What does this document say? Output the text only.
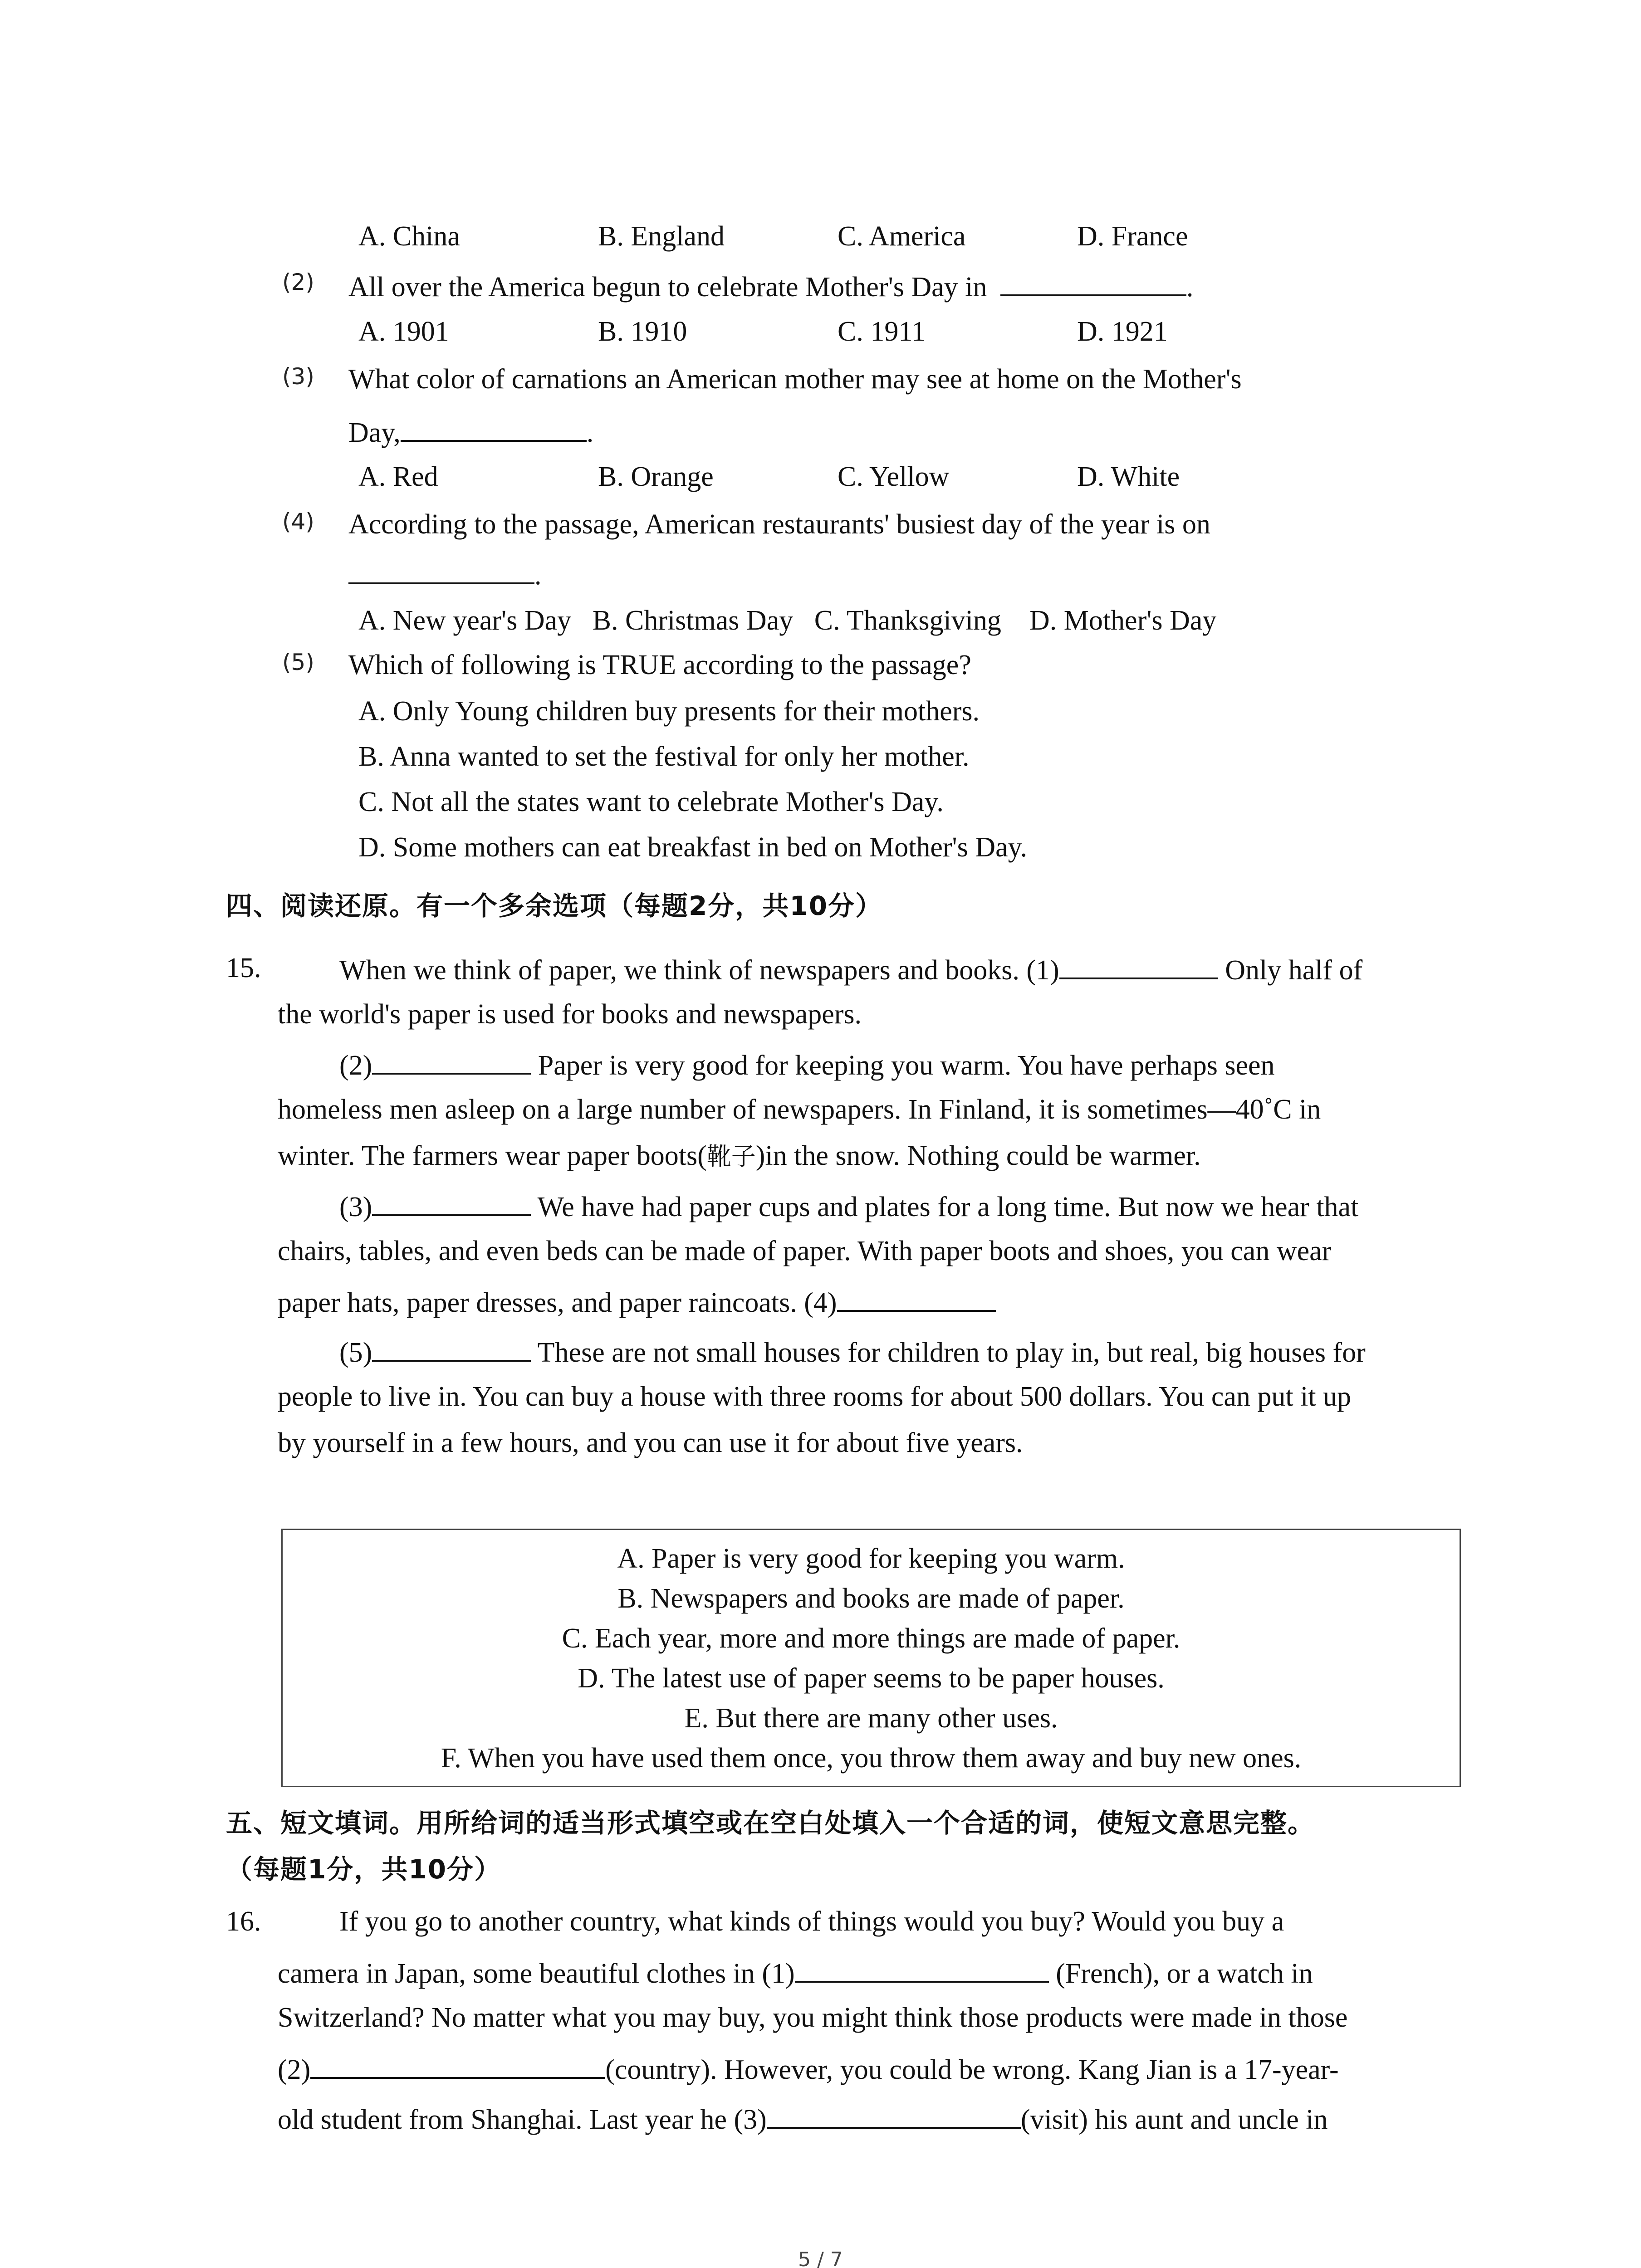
A. China	B. England	C. America	D. France
(2) All over the America begun to celebrate Mother's Day in	.
A. 1901	B. 1910	C. 1911	D. 1921
(3) What color of carnations an American mother may see at home on the Mother's
Day,	.
A. Red	B. Orange	C. Yellow	D. White
(4) According to the passage, American restaurants' busiest day of the year is on
.
A. New year's Day   B. Christmas Day   C. Thanksgiving    D. Mother's Day
(5) Which of following is TRUE according to the passage?
A. Only Young children buy presents for their mothers.
B. Anna wanted to set the festival for only her mother.
C. Not all the states want to celebrate Mother's Day.
D. Some mothers can eat breakfast in bed on Mother's Day.
四、阅读还原。有一个多余选项（每题2分，共10分）
15.	When we think of paper, we think of newspapers and books. (1)	Only half of
the world's paper is used for books and newspapers.
(2)	Paper is very good for keeping you warm. You have perhaps seen
homeless men asleep on a large number of newspapers. In Finland, it is sometimes—40˚C in
winter. The farmers wear paper boots(靴子)in the snow. Nothing could be warmer.
(3)	We have had paper cups and plates for a long time. But now we hear that
chairs, tables, and even beds can be made of paper. With paper boots and shoes, you can wear
paper hats, paper dresses, and paper raincoats. (4)
(5)	These are not small houses for children to play in, but real, big houses for
people to live in. You can buy a house with three rooms for about 500 dollars. You can put it up
by yourself in a few hours, and you can use it for about five years.
A. Paper is very good for keeping you warm.
B. Newspapers and books are made of paper.
C. Each year, more and more things are made of paper.
D. The latest use of paper seems to be paper houses.
E. But there are many other uses.
F. When you have used them once, you throw them away and buy new ones.
五、短文填词。用所给词的适当形式填空或在空白处填入一个合适的词，使短文意思完整。
（每题1分，共10分）
16.	If you go to another country, what kinds of things would you buy? Would you buy a
camera in Japan, some beautiful clothes in (1)	(French), or a watch in
Switzerland? No matter what you may buy, you might think those products were made in those
(2)	(country). However, you could be wrong. Kang Jian is a 17-year-
old student from Shanghai. Last year he (3)	(visit) his aunt and uncle in
5 / 7
